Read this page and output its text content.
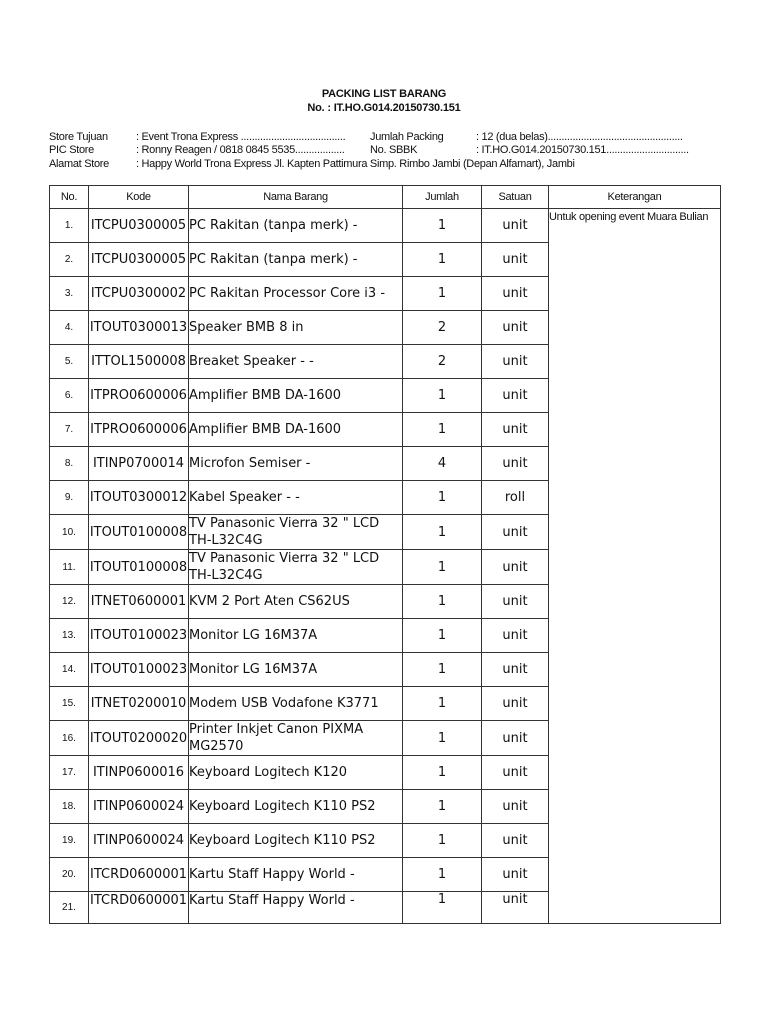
PACKING LIST BARANG
No. : IT.HO.G014.20150730.151
Store Tujuan	: Event Trona Express ...................................... Jumlah Packing	: 12 (dua belas).................................................
PIC Store	: Ronny Reagen / 0818 0845 5535.................. No. SBBK	: IT.HO.G014.20150730.151..............................
Alamat Store : Happy World Trona Express Jl. Kapten Pattimura Simp. Rimbo Jambi (Depan Alfamart), Jambi
No.	Kode	Nama Barang	Jumlah	Satuan	Keterangan
1.	ITCPU0300005	PC Rakitan (tanpa merk) -	1	unit	Untuk opening event Muara Bulian
2.	ITCPU0300005	PC Rakitan (tanpa merk) -	1	unit	
3.	ITCPU0300002	PC Rakitan Processor Core i3 -	1	unit	
4.	ITOUT0300013	Speaker BMB 8 in	2	unit	
5.	ITTOL1500008	Breaket Speaker - -	2	unit	
6.	ITPRO0600006	Amplifier BMB DA-1600	1	unit	
7.	ITPRO0600006	Amplifier BMB DA-1600	1	unit	
8.	ITINP0700014	Microfon Semiser -	4	unit	
9.	ITOUT0300012	Kabel Speaker - -	1	roll	
10.	ITOUT0100008	TV Panasonic Vierra 32 " LCD TH-L32C4G	1	unit	
11.	ITOUT0100008	TV Panasonic Vierra 32 " LCD TH-L32C4G	1	unit	
12.	ITNET0600001	KVM 2 Port Aten CS62US	1	unit	
13.	ITOUT0100023	Monitor LG 16M37A	1	unit	
14.	ITOUT0100023	Monitor LG 16M37A	1	unit	
15.	ITNET0200010	Modem USB Vodafone K3771	1	unit	
16.	ITOUT0200020	Printer Inkjet Canon PIXMA MG2570	1	unit	
17.	ITINP0600016	Keyboard Logitech K120	1	unit	
18.	ITINP0600024	Keyboard Logitech K110 PS2	1	unit	
19.	ITINP0600024	Keyboard Logitech K110 PS2	1	unit	
20.	ITCRD0600001	Kartu Staff Happy World -	1	unit	
21.	ITCRD0600001	Kartu Staff Happy World -	1	unit	
